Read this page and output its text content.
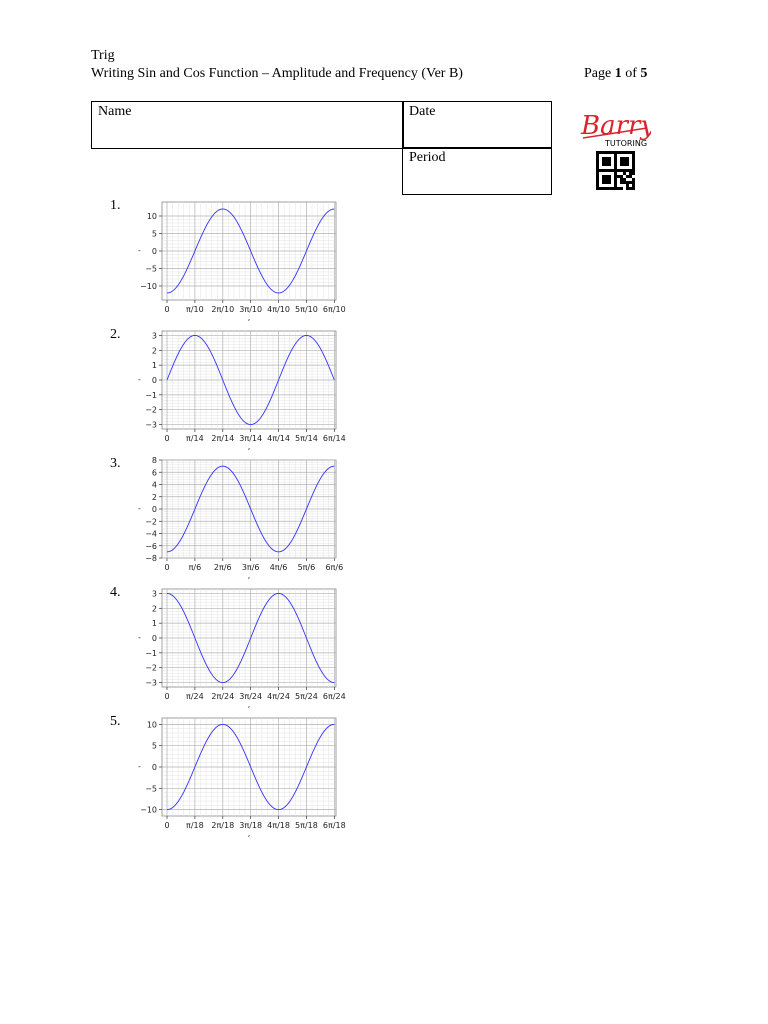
Trig
Writing Sin and Cos Function – Amplitude and Frequency (Ver B)	Page 1 of 5
Name	Date
Period
Barry
TUTORING
1.
2.
3.
4.
5.
0 π/10 2π/10 3π/10 4π/10 5π/10 6π/10
−10
−5
0
5
10
-
,
0 π/14 2π/14 3π/14 4π/14 5π/14 6π/14
−3
−2
−1
0
1
2
3
-
,
0 π/6 2π/6 3π/6 4π/6 5π/6 6π/6
−8
−6
−4
−2
0
2
4
6
8
-
,
0 π/24 2π/24 3π/24 4π/24 5π/24 6π/24
−3
−2
−1
0
1
2
3
-
,
0 π/18 2π/18 3π/18 4π/18 5π/18 6π/18
−10
−5
0
5
10
-
,
